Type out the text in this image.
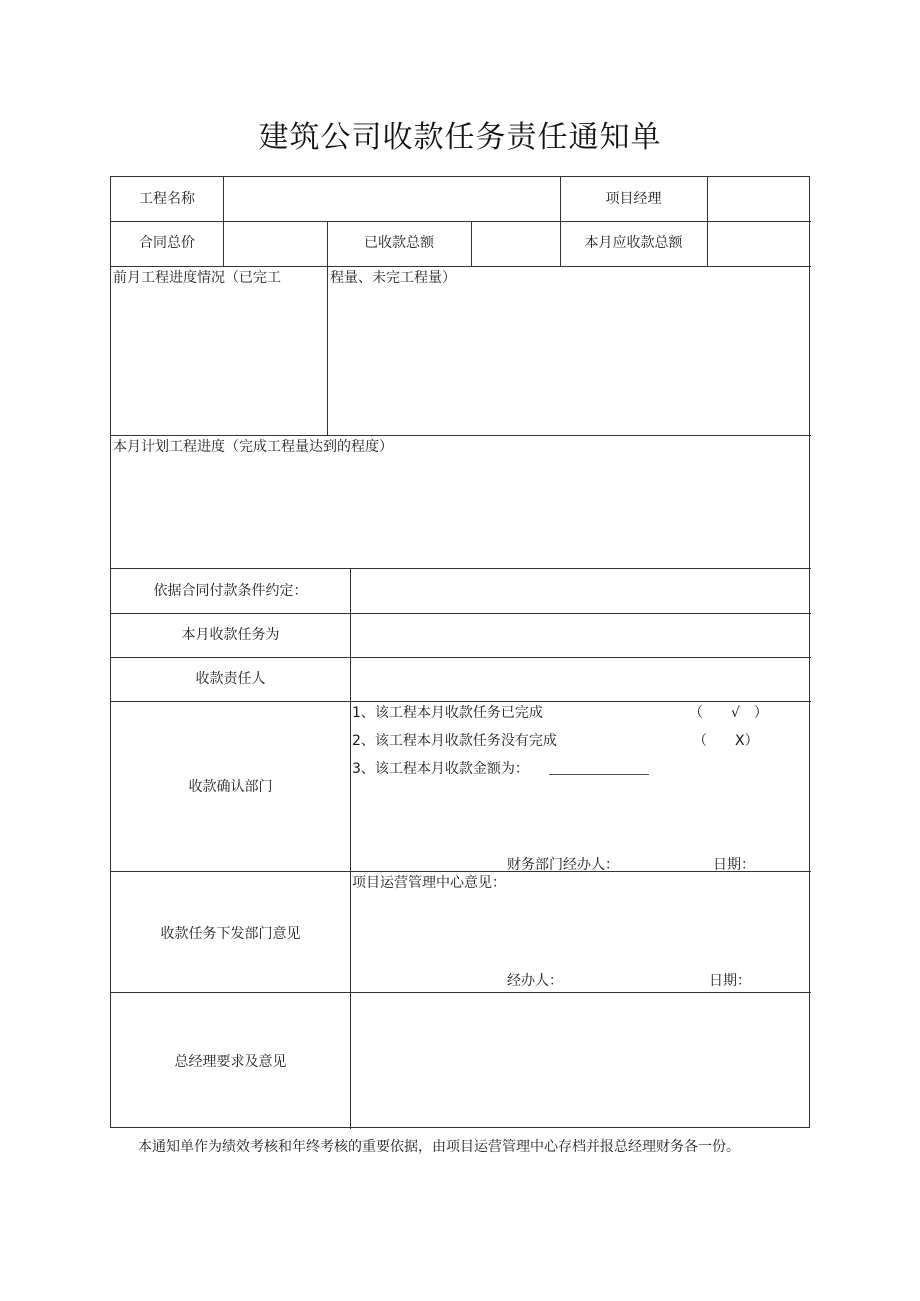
建筑公司收款任务责任通知单
工程名称	项目经理
合同总价	已收款总额	本月应收款总额
前月工程进度情况（已完工	程量、未完工程量）
本月计划工程进度（完成工程量达到的程度）
依据合同付款条件约定：
本月收款任务为
收款责任人
收款确认部门
1、该工程本月收款任务已完成	（　　√　）
2、该工程本月收款任务没有完成	（　　X）
3、该工程本月收款金额为：
财务部门经办人：	日期：
收款任务下发部门意见
项目运营管理中心意见：
经办人：	日期：
总经理要求及意见
本通知单作为绩效考核和年终考核的重要依据，由项目运营管理中心存档并报总经理财务各一份。
